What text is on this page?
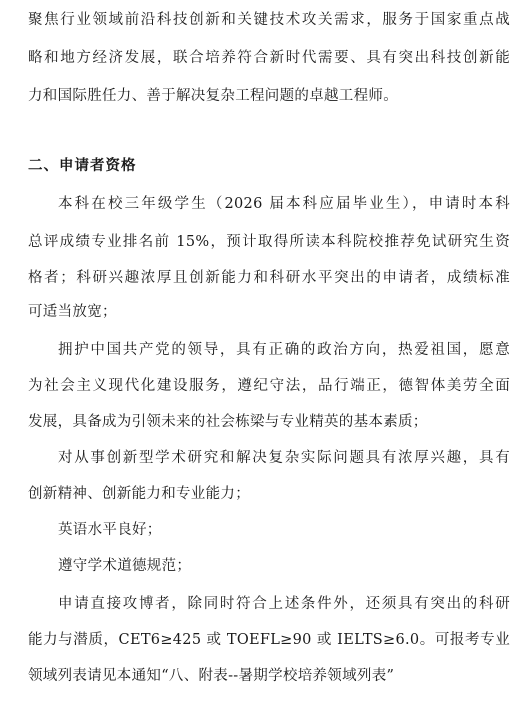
聚焦行业领域前沿科技创新和关键技术攻关需求，服务于国家重点战
略和地方经济发展，联合培养符合新时代需要、具有突出科技创新能
力和国际胜任力、善于解决复杂工程问题的卓越工程师。
二、申请者资格
本科在校三年级学生（2026 届本科应届毕业生），申请时本科
总评成绩专业排名前 15%，预计取得所读本科院校推荐免试研究生资
格者；科研兴趣浓厚且创新能力和科研水平突出的申请者，成绩标准
可适当放宽；
拥护中国共产党的领导，具有正确的政治方向，热爱祖国，愿意
为社会主义现代化建设服务，遵纪守法，品行端正，德智体美劳全面
发展，具备成为引领未来的社会栋梁与专业精英的基本素质；
对从事创新型学术研究和解决复杂实际问题具有浓厚兴趣，具有
创新精神、创新能力和专业能力；
英语水平良好；
遵守学术道德规范；
申请直接攻博者，除同时符合上述条件外，还须具有突出的科研
能力与潜质，CET6≥425 或 TOEFL≥90 或 IELTS≥6.0。可报考专业
领域列表请见本通知“八、附表--暑期学校培养领域列表”
